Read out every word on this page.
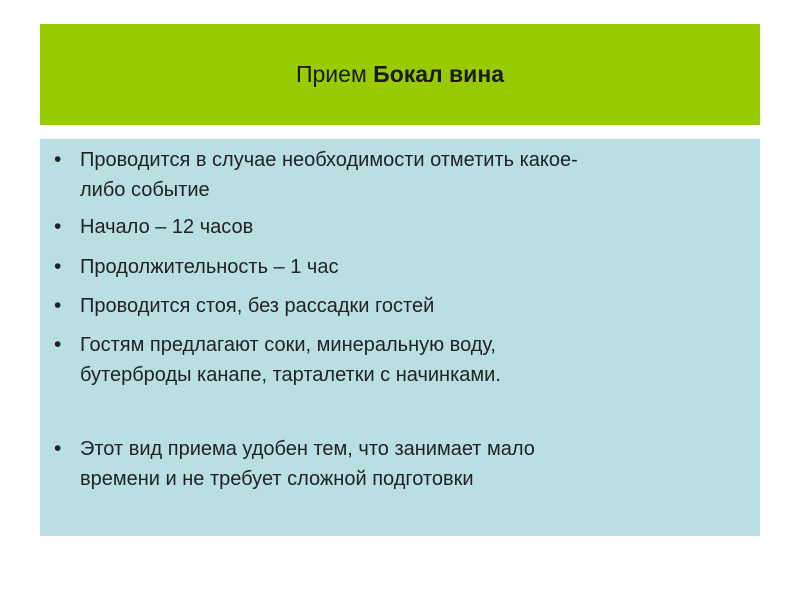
Прием Бокал вина
• Проводится в случае необходимости отметить какое-
либо событие
• Начало – 12 часов
• Продолжительность – 1 час
• Проводится стоя, без рассадки гостей
• Гостям предлагают соки, минеральную воду,
бутерброды канапе, тарталетки с начинками.
• Этот вид приема удобен тем, что занимает мало
времени и не требует сложной подготовки
